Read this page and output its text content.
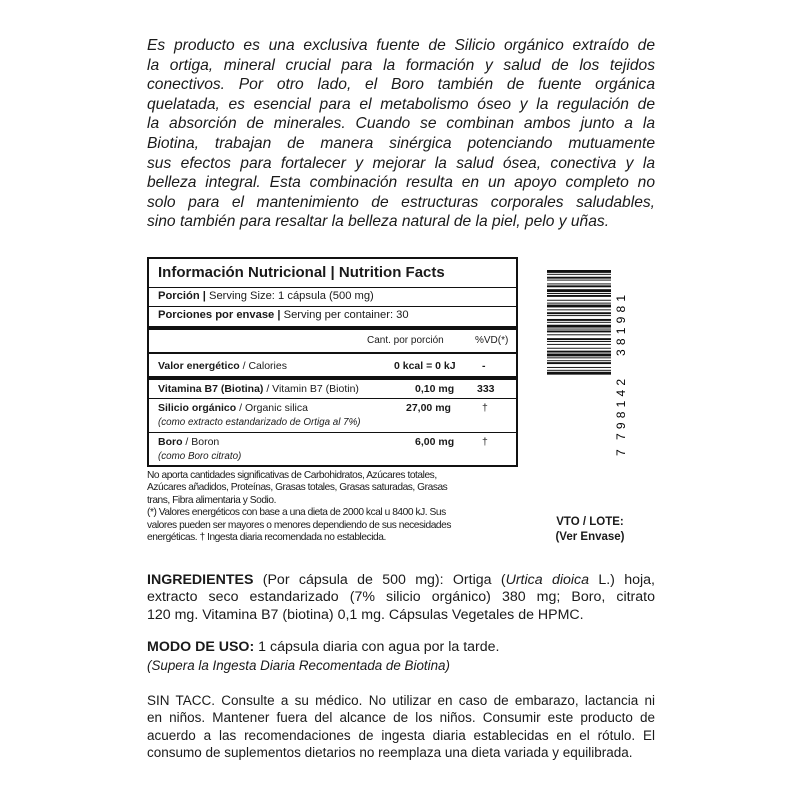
Es producto es una exclusiva fuente de Silicio orgánico extraído de
la ortiga, mineral crucial para la formación y salud de los tejidos
conectivos. Por otro lado, el Boro también de fuente orgánica
quelatada, es esencial para el metabolismo óseo y la regulación de
la absorción de minerales. Cuando se combinan ambos junto a la
Biotina, trabajan de manera sinérgica potenciando mutuamente
sus efectos para fortalecer y mejorar la salud ósea, conectiva y la
belleza integral. Esta combinación resulta en un apoyo completo no
solo para el mantenimiento de estructuras corporales saludables,
sino también para resaltar la belleza natural de la piel, pelo y uñas.

Información Nutricional | Nutrition Facts
Porción | Serving Size: 1 cápsula (500 mg)
Porciones por envase | Serving per container: 30
Cant. por porción	%VD(*)
Valor energético / Calories	0 kcal = 0 kJ	-
Vitamina B7 (Biotina) / Vitamin B7 (Biotin)	0,10 mg 333
Silicio orgánico / Organic silica	27,00 mg	†
(como extracto estandarizado de Ortiga al 7%)
Boro / Boron	6,00 mg	†
(como Boro citrato)

No aporta cantidades significativas de Carbohidratos, Azúcares totales,
Azúcares añadidos, Proteínas, Grasas totales, Grasas saturadas, Grasas
trans, Fibra alimentaria y Sodio.
(*) Valores energéticos con base a una dieta de 2000 kcal u 8400 kJ. Sus
valores pueden ser mayores o menores dependiendo de sus necesidades
energéticas. † Ingesta diaria recomendada no establecida.

7
798142
381981
VTO / LOTE:
(Ver Envase)

INGREDIENTES (Por cápsula de 500 mg): Ortiga (Urtica dioica L.) hoja,
extracto seco estandarizado (7% silicio orgánico) 380 mg; Boro, citrato
120 mg. Vitamina B7 (biotina) 0,1 mg. Cápsulas Vegetales de HPMC.

MODO DE USO: 1 cápsula diaria con agua por la tarde.

(Supera la Ingesta Diaria Recomentada de Biotina)

SIN TACC. Consulte a su médico. No utilizar en caso de embarazo, lactancia ni
en niños. Mantener fuera del alcance de los niños. Consumir este producto de
acuerdo a las recomendaciones de ingesta diaria establecidas en el rótulo. El
consumo de suplementos dietarios no reemplaza una dieta variada y equilibrada.
